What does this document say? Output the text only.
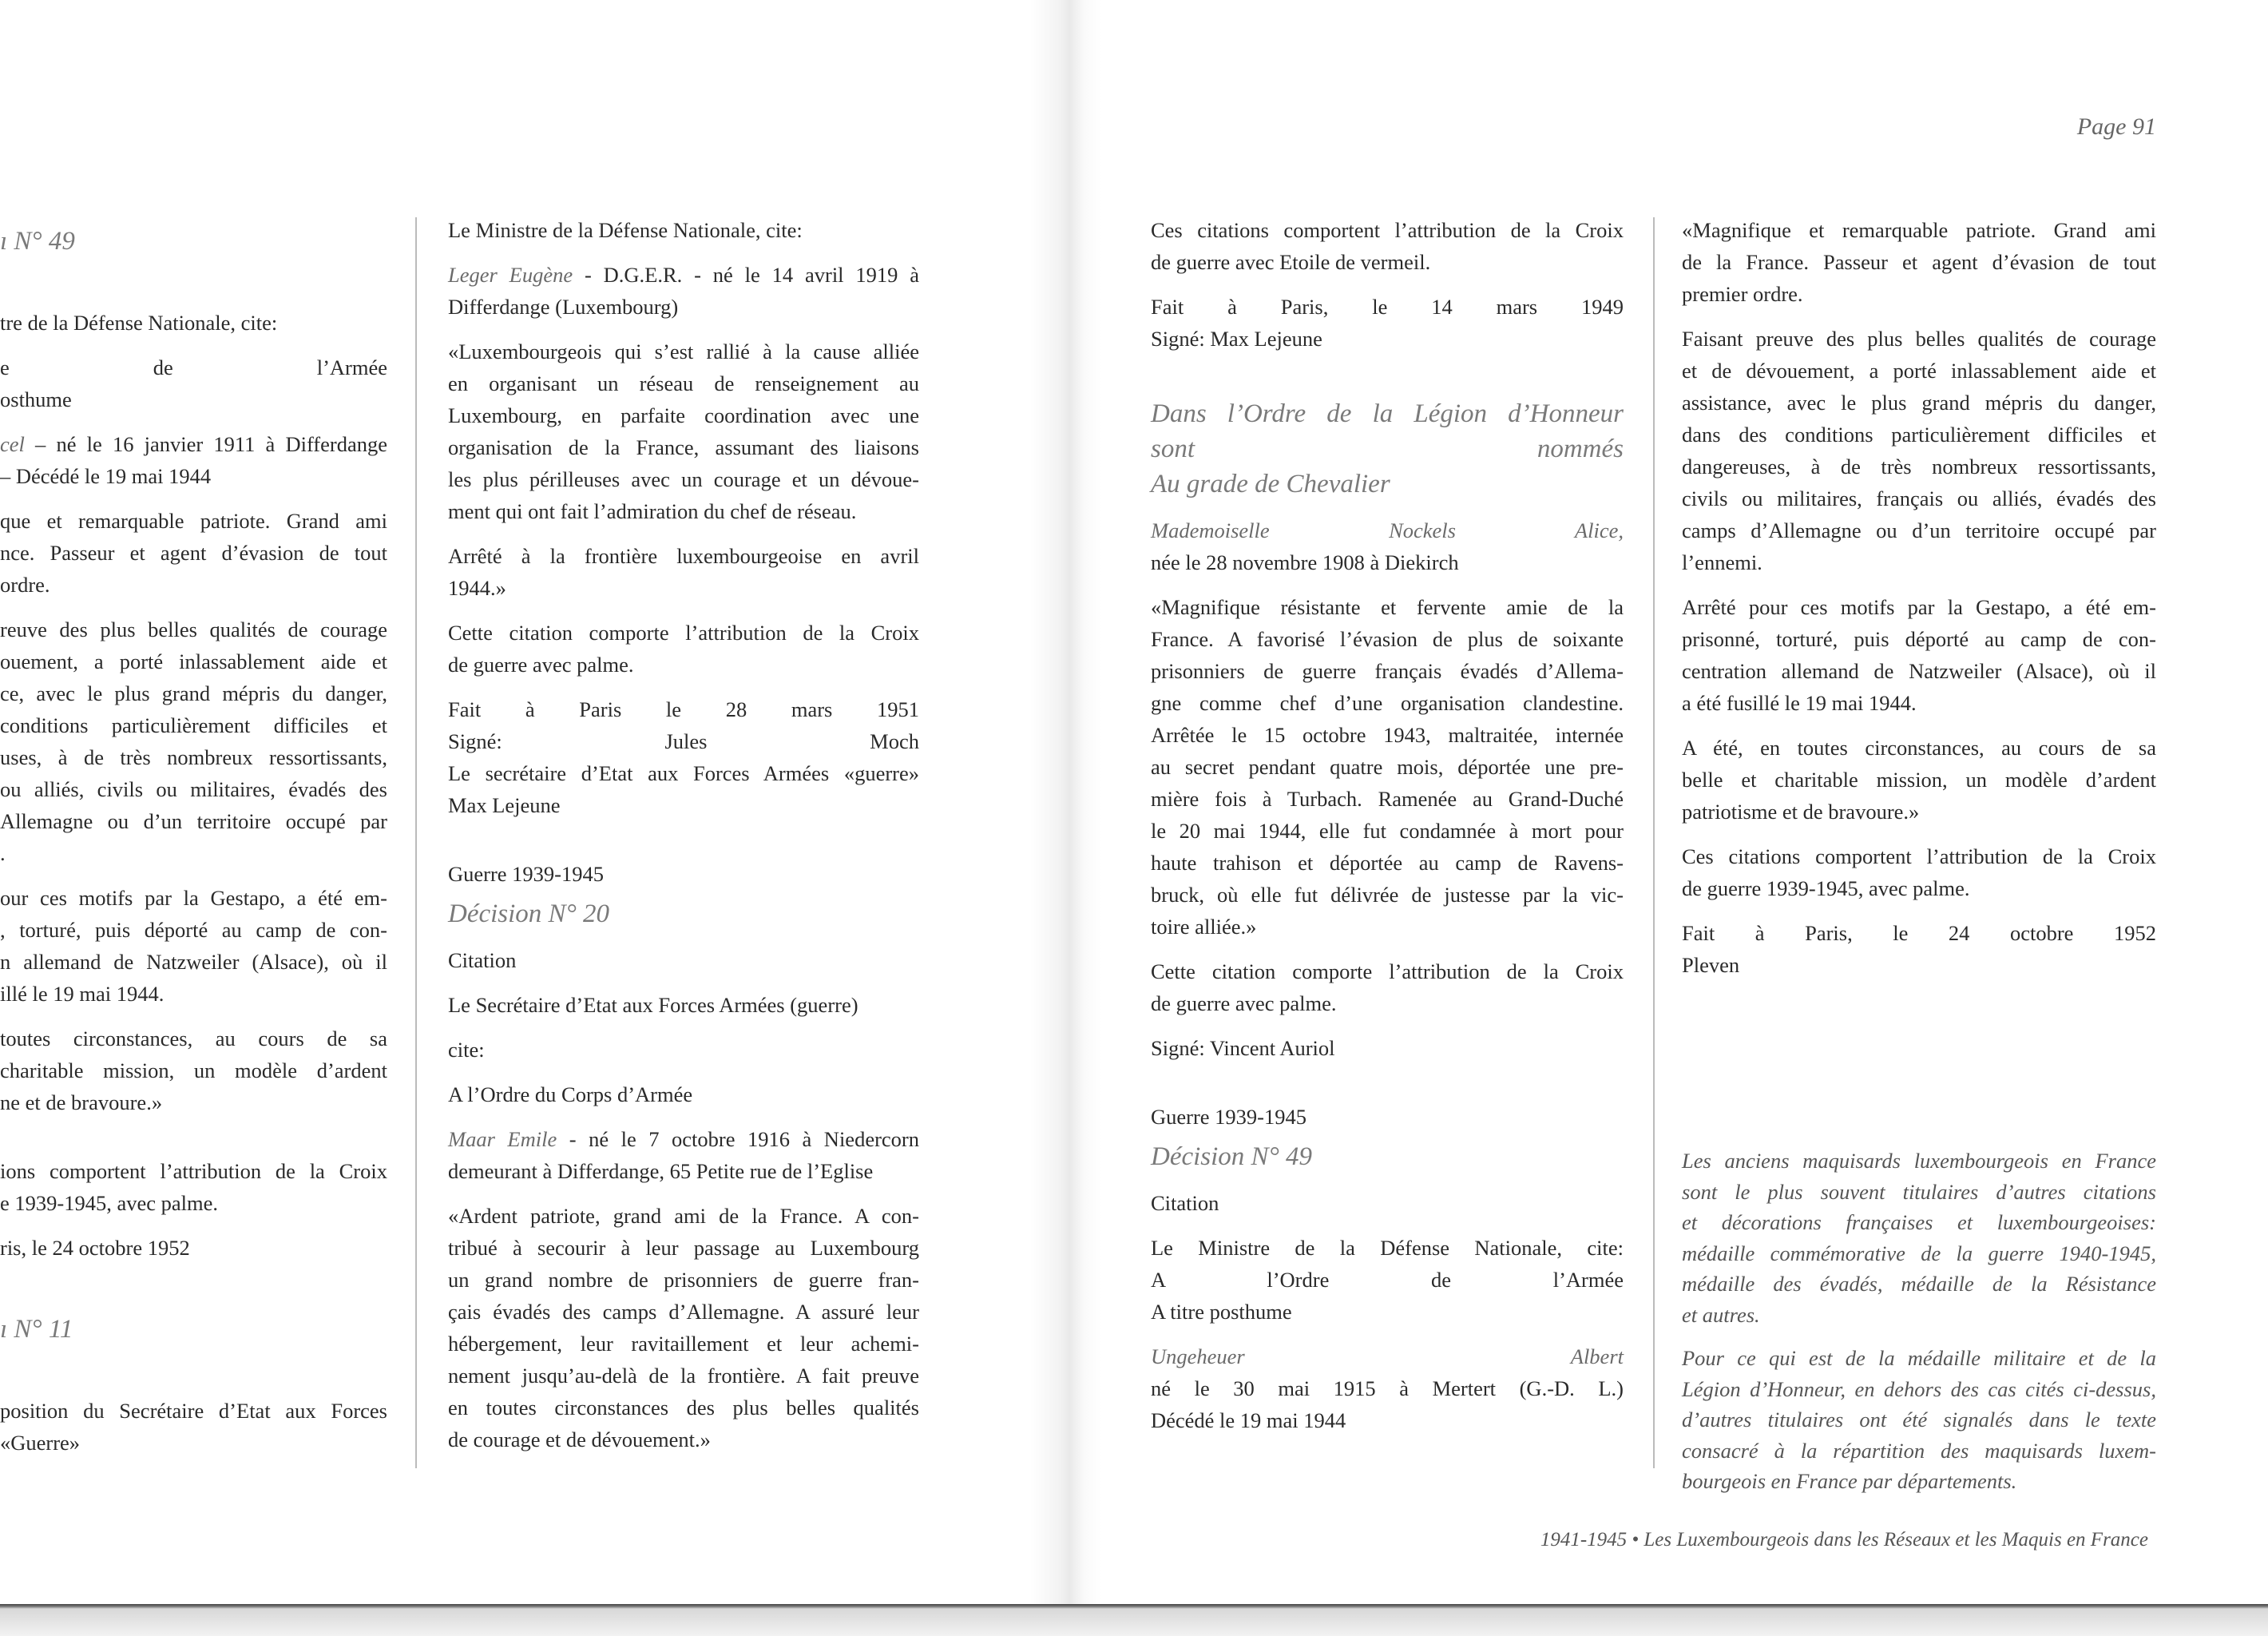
Page 91
ı N° 49
tre de la Défense Nationale, cite:
e de l’Armée
osthume
cel – né le 16 janvier 1911 à Differdange
– Décédé le 19 mai 1944
que et remarquable patriote. Grand ami
nce. Passeur et agent d’évasion de tout
ordre.
reuve des plus belles qualités de courage
ouement, a porté inlassablement aide et
ce, avec le plus grand mépris du danger,
conditions particulièrement difficiles et
uses, à de très nombreux ressortissants,
ou alliés, civils ou militaires, évadés des
Allemagne ou d’un territoire occupé par
.
our ces motifs par la Gestapo, a été em-
, torturé, puis déporté au camp de con-
n allemand de Natzweiler (Alsace), où il
illé le 19 mai 1944.
toutes circonstances, au cours de sa
charitable mission, un modèle d’ardent
ne et de bravoure.»
ions comportent l’attribution de la Croix
e 1939-1945, avec palme.
ris, le 24 octobre 1952
ı N° 11
position du Secrétaire d’Etat aux Forces
«Guerre»
Le Ministre de la Défense Nationale, cite:
Leger Eugène - D.G.E.R. - né le 14 avril 1919 à
Differdange (Luxembourg)
«Luxembourgeois qui s’est rallié à la cause alliée
en organisant un réseau de renseignement au
Luxembourg, en parfaite coordination avec une
organisation de la France, assumant des liaisons
les plus périlleuses avec un courage et un dévoue-
ment qui ont fait l’admiration du chef de réseau.
Arrêté à la frontière luxembourgeoise en avril
1944.»
Cette citation comporte l’attribution de la Croix
de guerre avec palme.
Fait à Paris le 28 mars 1951
Signé: Jules Moch
Le secrétaire d’Etat aux Forces Armées «guerre»
Max Lejeune
Guerre 1939-1945
Décision N° 20
Citation
Le Secrétaire d’Etat aux Forces Armées (guerre)
cite:
A l’Ordre du Corps d’Armée
Maar Emile - né le 7 octobre 1916 à Niedercorn
demeurant à Differdange, 65 Petite rue de l’Eglise
«Ardent patriote, grand ami de la France. A con-
tribué à secourir à leur passage au Luxembourg
un grand nombre de prisonniers de guerre fran-
çais évadés des camps d’Allemagne. A assuré leur
hébergement, leur ravitaillement et leur achemi-
nement jusqu’au-delà de la frontière. A fait preuve
en toutes circonstances des plus belles qualités
de courage et de dévouement.»
Ces citations comportent l’attribution de la Croix
de guerre avec Etoile de vermeil.
Fait à Paris, le 14 mars 1949
Signé: Max Lejeune
Dans l’Ordre de la Légion d’Honneur
sont nommés
Au grade de Chevalier
Mademoiselle Nockels Alice,
née le 28 novembre 1908 à Diekirch
«Magnifique résistante et fervente amie de la
France. A favorisé l’évasion de plus de soixante
prisonniers de guerre français évadés d’Allema-
gne comme chef d’une organisation clandestine.
Arrêtée le 15 octobre 1943, maltraitée, internée
au secret pendant quatre mois, déportée une pre-
mière fois à Turbach. Ramenée au Grand-Duché
le 20 mai 1944, elle fut condamnée à mort pour
haute trahison et déportée au camp de Ravens-
bruck, où elle fut délivrée de justesse par la vic-
toire alliée.»
Cette citation comporte l’attribution de la Croix
de guerre avec palme.
Signé: Vincent Auriol
Guerre 1939-1945
Décision N° 49
Citation
Le Ministre de la Défense Nationale, cite:
A l’Ordre de l’Armée
A titre posthume
Ungeheuer Albert
né le 30 mai 1915 à Mertert (G.-D. L.)
Décédé le 19 mai 1944
«Magnifique et remarquable patriote. Grand ami
de la France. Passeur et agent d’évasion de tout
premier ordre.
Faisant preuve des plus belles qualités de courage
et de dévouement, a porté inlassablement aide et
assistance, avec le plus grand mépris du danger,
dans des conditions particulièrement difficiles et
dangereuses, à de très nombreux ressortissants,
civils ou militaires, français ou alliés, évadés des
camps d’Allemagne ou d’un territoire occupé par
l’ennemi.
Arrêté pour ces motifs par la Gestapo, a été em-
prisonné, torturé, puis déporté au camp de con-
centration allemand de Natzweiler (Alsace), où il
a été fusillé le 19 mai 1944.
A été, en toutes circonstances, au cours de sa
belle et charitable mission, un modèle d’ardent
patriotisme et de bravoure.»
Ces citations comportent l’attribution de la Croix
de guerre 1939-1945, avec palme.
Fait à Paris, le 24 octobre 1952
Pleven
Les anciens maquisards luxembourgeois en France
sont le plus souvent titulaires d’autres citations
et décorations françaises et luxembourgeoises:
médaille commémorative de la guerre 1940-1945,
médaille des évadés, médaille de la Résistance
et autres.
Pour ce qui est de la médaille militaire et de la
Légion d’Honneur, en dehors des cas cités ci-dessus,
d’autres titulaires ont été signalés dans le texte
consacré à la répartition des maquisards luxem-
bourgeois en France par départements.
1941-1945 • Les Luxembourgeois dans les Réseaux et les Maquis en France
